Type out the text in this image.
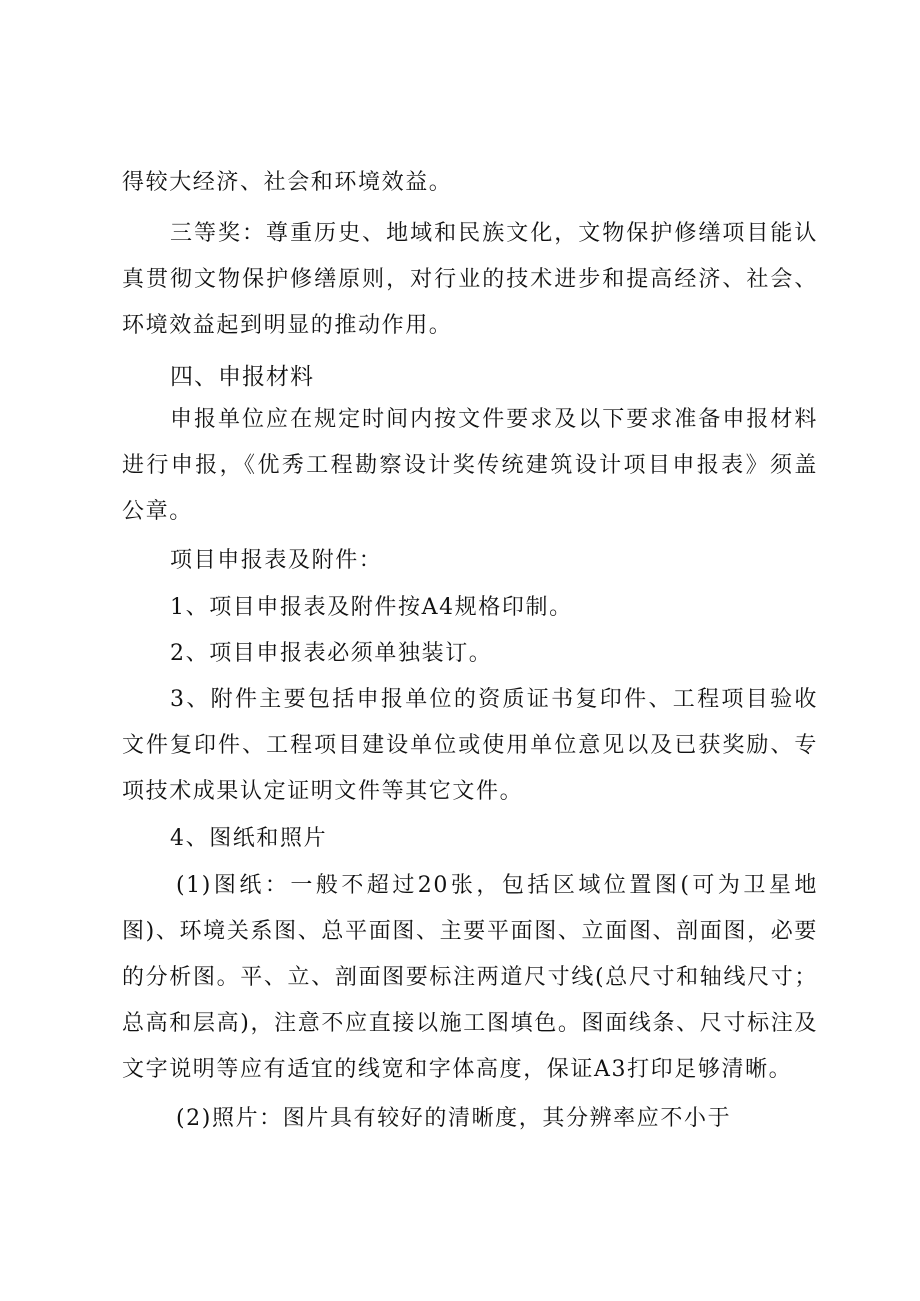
得较大经济、社会和环境效益。

三等奖：尊重历史、地域和民族文化，文物保护修缮项目能认真贯彻文物保护修缮原则，对行业的技术进步和提高经济、社会、环境效益起到明显的推动作用。

四、申报材料

申报单位应在规定时间内按文件要求及以下要求准备申报材料进行申报，《优秀工程勘察设计奖传统建筑设计项目申报表》须盖公章。

项目申报表及附件：

1、项目申报表及附件按A4规格印制。

2、项目申报表必须单独装订。

3、附件主要包括申报单位的资质证书复印件、工程项目验收文件复印件、工程项目建设单位或使用单位意见以及已获奖励、专项技术成果认定证明文件等其它文件。

4、图纸和照片

(1)图纸：一般不超过20张，包括区域位置图(可为卫星地图)、环境关系图、总平面图、主要平面图、立面图、剖面图，必要的分析图。平、立、剖面图要标注两道尺寸线(总尺寸和轴线尺寸；总高和层高)，注意不应直接以施工图填色。图面线条、尺寸标注及文字说明等应有适宜的线宽和字体高度，保证A3打印足够清晰。

(2)照片：图片具有较好的清晰度，其分辨率应不小于
